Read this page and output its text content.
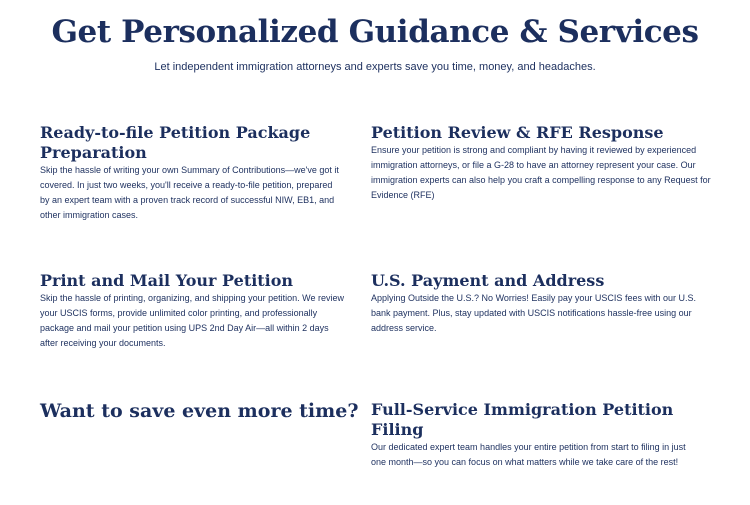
Get Personalized Guidance & Services

Let independent immigration attorneys and experts save you time, money, and headaches.

Ready-to-file Petition Package Preparation

Skip the hassle of writing your own Summary of Contributions—we've got it covered. In just two weeks, you'll receive a ready-to-file petition, prepared by an expert team with a proven track record of successful NIW, EB1, and other immigration cases.

Petition Review & RFE Response

Ensure your petition is strong and compliant by having it reviewed by experienced immigration attorneys, or file a G-28 to have an attorney represent your case. Our immigration experts can also help you craft a compelling response to any Request for Evidence (RFE)

Print and Mail Your Petition

Skip the hassle of printing, organizing, and shipping your petition. We review your USCIS forms, provide unlimited color printing, and professionally package and mail your petition using UPS 2nd Day Air—all within 2 days after receiving your documents.

U.S. Payment and Address

Applying Outside the U.S.? No Worries! Easily pay your USCIS fees with our U.S. bank payment. Plus, stay updated with USCIS notifications hassle-free using our address service.

Want to save even more time? Full-Service Immigration Petition Filing

Our dedicated expert team handles your entire petition from start to filing in just one month—so you can focus on what matters while we take care of the rest!
